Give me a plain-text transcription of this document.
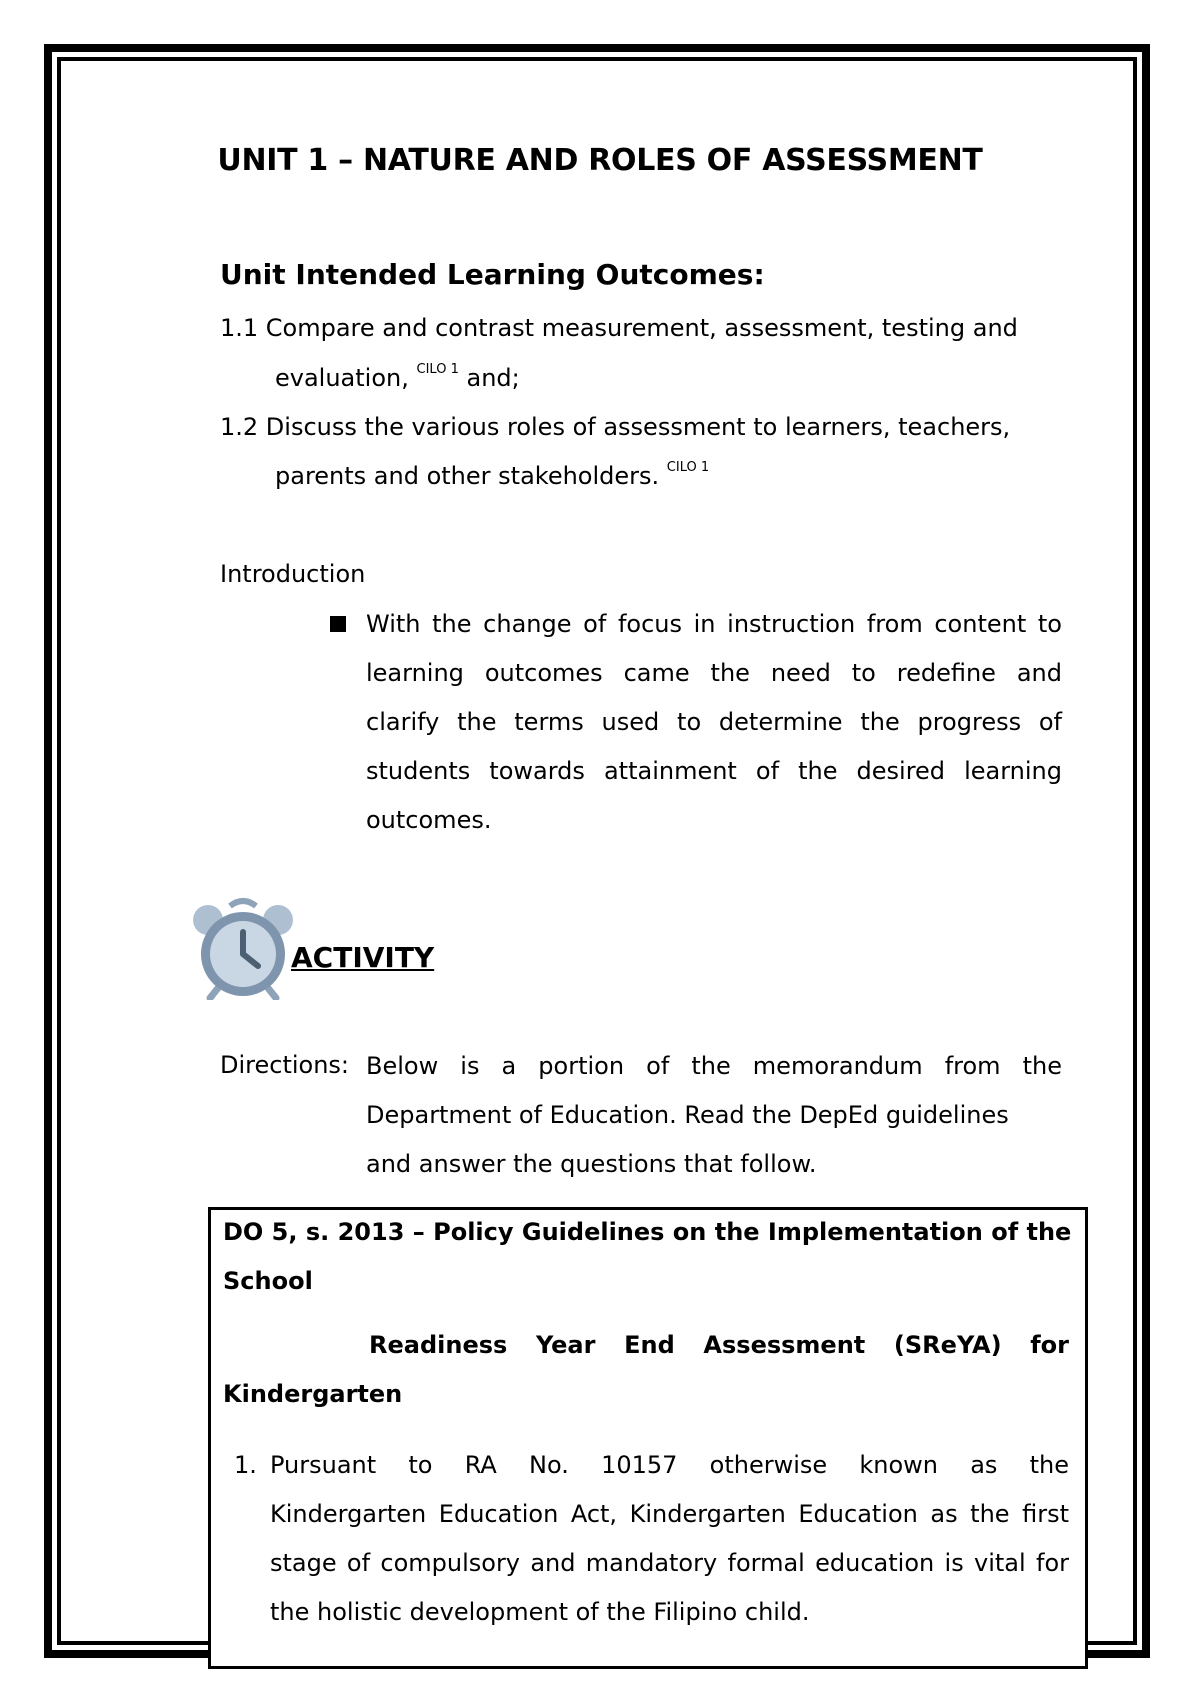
UNIT 1 – NATURE AND ROLES OF ASSESSMENT
Unit Intended Learning Outcomes:
1.1 Compare and contrast measurement, assessment, testing and
evaluation, $^{CILO 1}$ and;
1.2 Discuss the various roles of assessment to learners, teachers,
parents and other stakeholders. $^{CILO 1}$
Introduction
With the change of focus in instruction from content to
learning outcomes came the need to redefine and
clarify the terms used to determine the progress of
students towards attainment of the desired learning
outcomes.
ACTIVITY
Directions: Below is a portion of the memorandum from the
Department of Education. Read the DepEd guidelines
and answer the questions that follow.
DO 5, s. 2013 – Policy Guidelines on the Implementation of the
School
Readiness Year End Assessment (SReYA) for
Kindergarten
1. Pursuant to RA No. 10157 otherwise known as the
Kindergarten Education Act, Kindergarten Education as the first
stage of compulsory and mandatory formal education is vital for
the holistic development of the Filipino child.
